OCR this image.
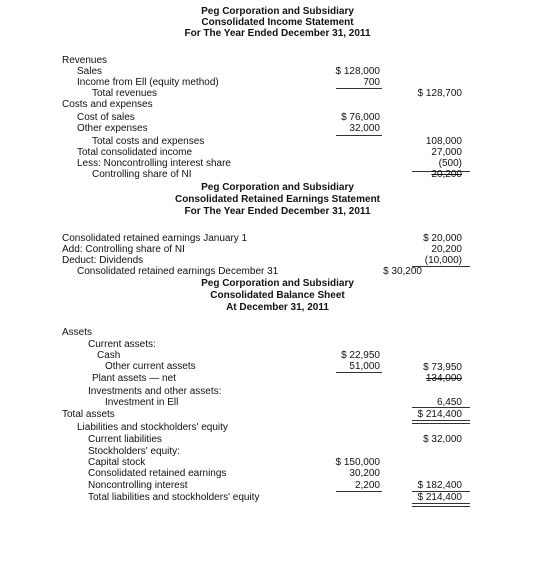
Peg Corporation and Subsidiary
Consolidated Income Statement
For The Year Ended December 31, 2011
Revenues
Sales	$ 128,000
Income from Ell (equity method)	700
Total revenues	$ 128,700
Costs and expenses
Cost of sales	$ 76,000
Other expenses	32,000
Total costs and expenses	108,000
Total consolidated income	27,000
Less: Noncontrolling interest share	(500)
Controlling share of NI	20,200
Peg Corporation and Subsidiary
Consolidated Retained Earnings Statement
For The Year Ended December 31, 2011
Consolidated retained earnings January 1	$ 20,000
Add: Controlling share of NI	20,200
Deduct: Dividends	(10,000)
Consolidated retained earnings December 31	$ 30,200
Peg Corporation and Subsidiary
Consolidated Balance Sheet
At December 31, 2011
Assets
Current assets:
Cash	$ 22,950
Other current assets	51,000	$ 73,950
Plant assets — net	134,000
Investments and other assets:
Investment in Ell	6,450
Total assets	$ 214,400
Liabilities and stockholders' equity
Current liabilities	$ 32,000
Stockholders' equity:
Capital stock	$ 150,000
Consolidated retained earnings	30,200
Noncontrolling interest	2,200	$ 182,400
Total liabilities and stockholders' equity	$ 214,400
